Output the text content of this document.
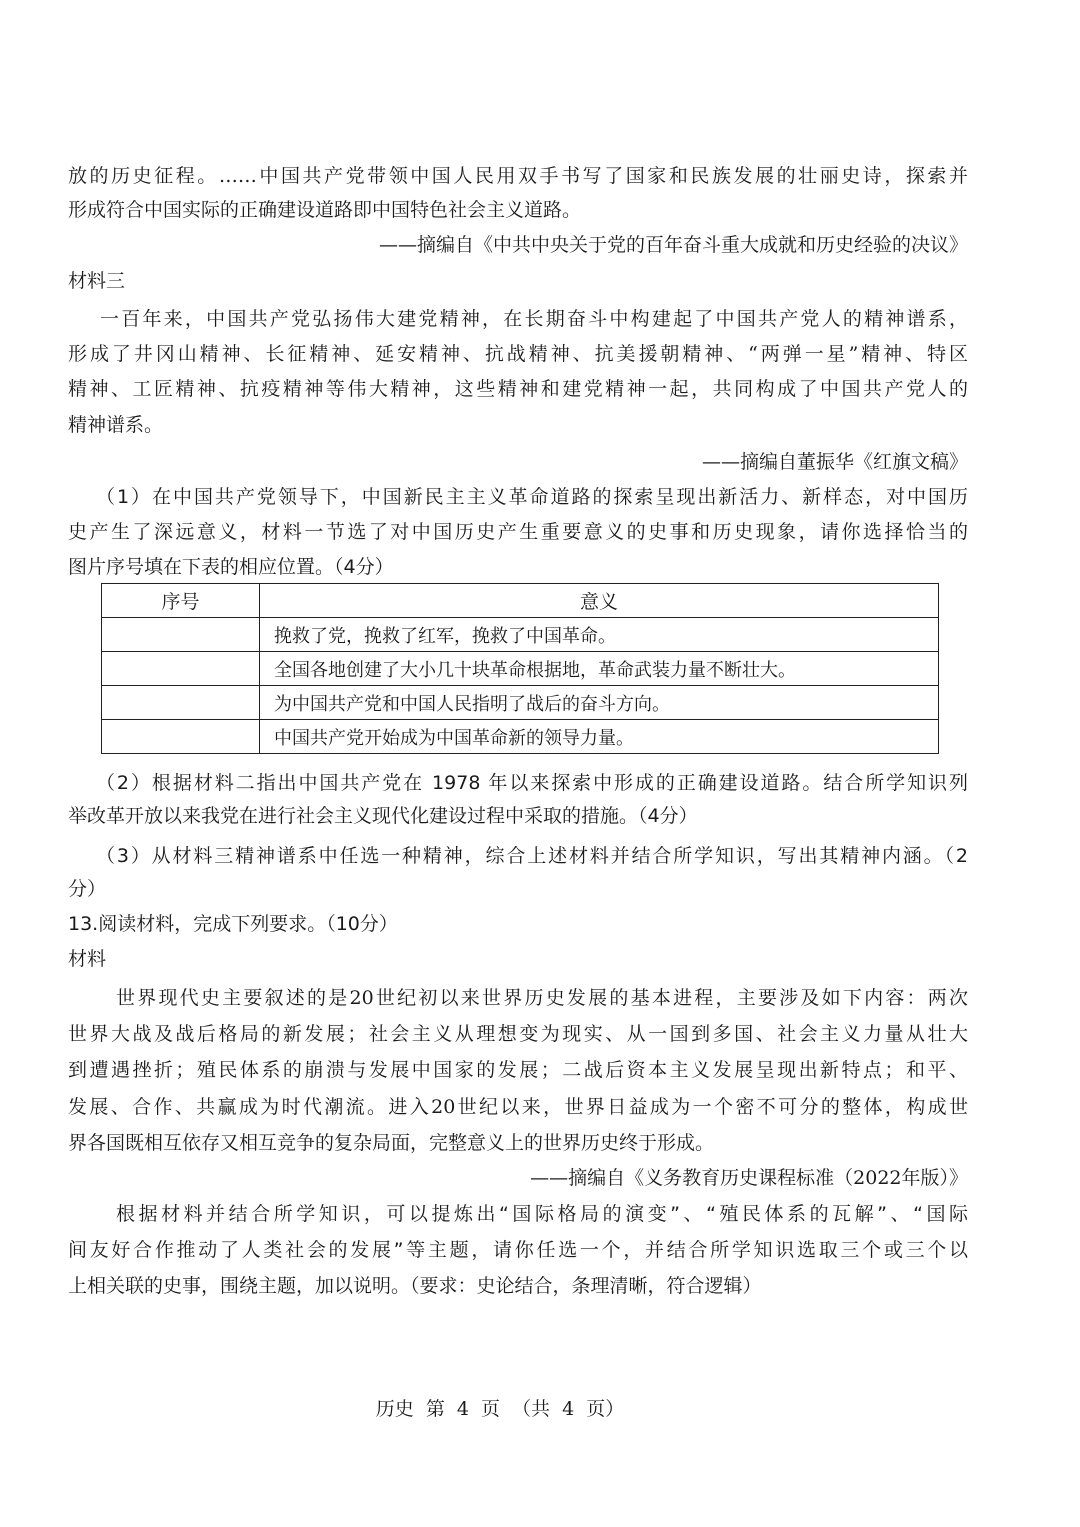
放的历史征程。……中国共产党带领中国人民用双手书写了国家和民族发展的壮丽史诗，探索并
形成符合中国实际的正确建设道路即中国特色社会主义道路。
——摘编自《中共中央关于党的百年奋斗重大成就和历史经验的决议》
材料三
一百年来，中国共产党弘扬伟大建党精神，在长期奋斗中构建起了中国共产党人的精神谱系，
形成了井冈山精神、长征精神、延安精神、抗战精神、抗美援朝精神、“两弹一星”精神、特区
精神、工匠精神、抗疫精神等伟大精神，这些精神和建党精神一起，共同构成了中国共产党人的
精神谱系。
——摘编自董振华《红旗文稿》
（1）在中国共产党领导下，中国新民主主义革命道路的探索呈现出新活力、新样态，对中国历
史产生了深远意义，材料一节选了对中国历史产生重要意义的史事和历史现象，请你选择恰当的
图片序号填在下表的相应位置。（4分）
序号	意义
	挽救了党，挽救了红军，挽救了中国革命。
	全国各地创建了大小几十块革命根据地，革命武装力量不断壮大。
	为中国共产党和中国人民指明了战后的奋斗方向。
	中国共产党开始成为中国革命新的领导力量。
（2）根据材料二指出中国共产党在 1978 年以来探索中形成的正确建设道路。结合所学知识列
举改革开放以来我党在进行社会主义现代化建设过程中采取的措施。（4分）
（3）从材料三精神谱系中任选一种精神，综合上述材料并结合所学知识，写出其精神内涵。（2
分）
13.阅读材料，完成下列要求。（10分）
材料
世界现代史主要叙述的是20世纪初以来世界历史发展的基本进程，主要涉及如下内容：两次
世界大战及战后格局的新发展；社会主义从理想变为现实、从一国到多国、社会主义力量从壮大
到遭遇挫折；殖民体系的崩溃与发展中国家的发展；二战后资本主义发展呈现出新特点；和平、
发展、合作、共赢成为时代潮流。进入20世纪以来，世界日益成为一个密不可分的整体，构成世
界各国既相互依存又相互竞争的复杂局面，完整意义上的世界历史终于形成。
——摘编自《义务教育历史课程标准（2022年版）》
根据材料并结合所学知识，可以提炼出“国际格局的演变”、“殖民体系的瓦解”、“国际
间友好合作推动了人类社会的发展”等主题，请你任选一个，并结合所学知识选取三个或三个以
上相关联的史事，围绕主题，加以说明。（要求：史论结合，条理清晰，符合逻辑）
历史 第 4 页 （共 4 页）
